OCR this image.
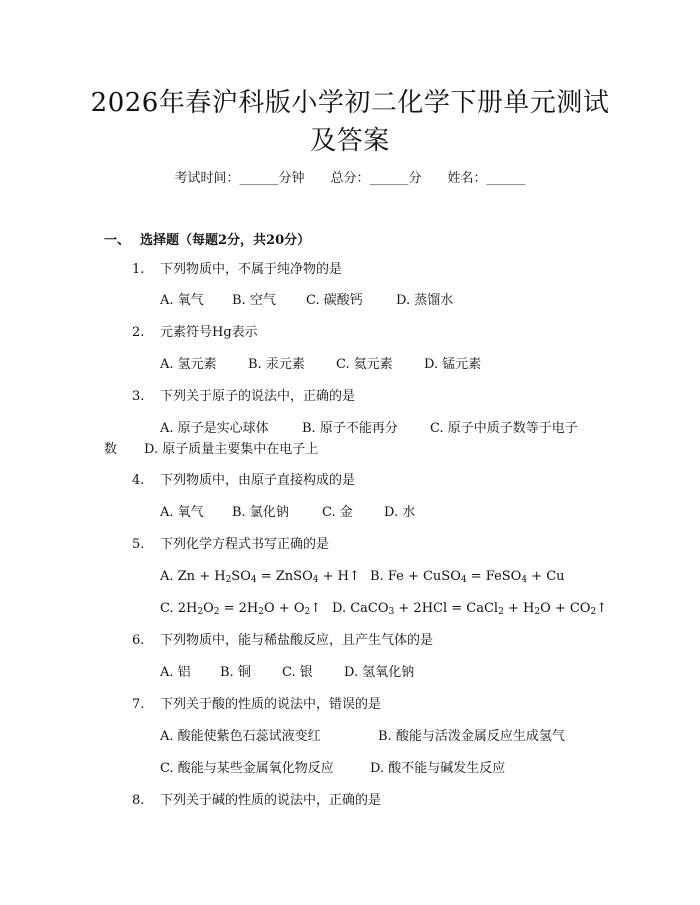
2026年春沪科版小学初二化学下册单元测试
及答案
考试时间：______分钟 总分：______分 姓名：______
一、 选择题（每题2分，共20分）
1. 下列物质中，不属于纯净物的是
A. 氧气 B. 空气 C. 碳酸钙	D. 蒸馏水
2. 元素符号Hg表示
A. 氢元素 B. 汞元素 C. 氦元素 D. 锰元素
3. 下列关于原子的说法中，正确的是
A. 原子是实心球体	B. 原子不能再分 C. 原子中质子数等于电子
数 D. 原子质量主要集中在电子上
4. 下列物质中，由原子直接构成的是
A. 氧气 B. 氯化钠	C. 金 D. 水
5. 下列化学方程式书写正确的是
A. $Zn + H_2SO_4$ = ZnSO$_4$ + H↑ B. Fe + CuSO$_4$ = FeSO$_4$ + Cu
C. $2H_2O_2 = 2H_2O$ + $O_2↑$ D. CaCO$_3$ + 2HCl = CaCl$_2$ + $H_2O$ + $CO_2↑$
6. 下列物质中，能与稀盐酸反应，且产生气体的是
A. 铝 B. 铜 C. 银 D. 氢氧化钠
7. 下列关于酸的性质的说法中，错误的是
A. 酸能使紫色石蕊试液变红	B. 酸能与活泼金属反应生成氢气
C. 酸能与某些金属氧化物反应	D. 酸不能与碱发生反应
8. 下列关于碱的性质的说法中，正确的是
